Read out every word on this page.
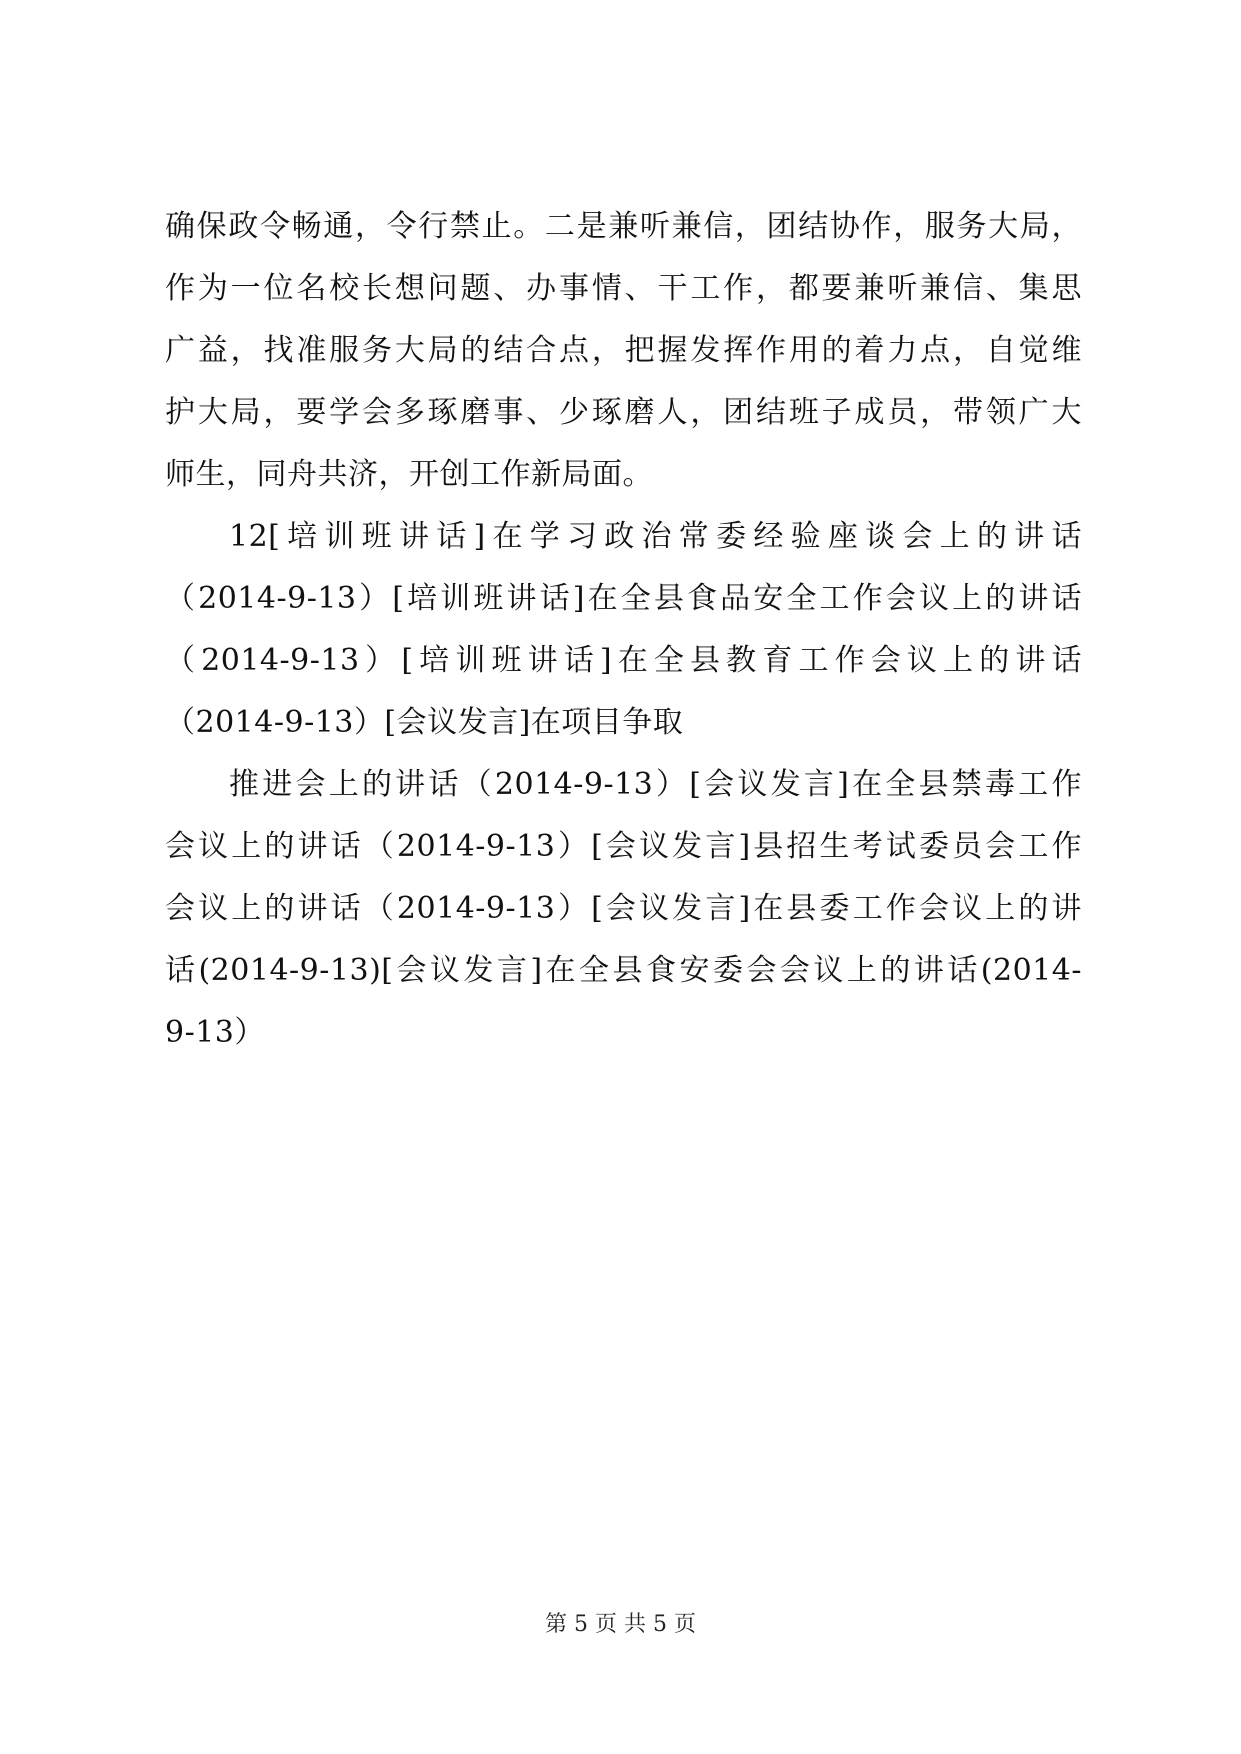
确保政令畅通，令行禁止。二是兼听兼信，团结协作，服务大局，
作为一位名校长想问题、办事情、干工作，都要兼听兼信、集思
广益，找准服务大局的结合点，把握发挥作用的着力点，自觉维
护大局，要学会多琢磨事、少琢磨人，团结班子成员，带领广大
师生，同舟共济，开创工作新局面。
12[培训班讲话]在学习政治常委经验座谈会上的讲话
（2014-9-13）[培训班讲话]在全县食品安全工作会议上的讲话
（2014-9-13）[培训班讲话]在全县教育工作会议上的讲话
（2014-9-13）[会议发言]在项目争取
推进会上的讲话（2014-9-13）[会议发言]在全县禁毒工作
会议上的讲话（2014-9-13）[会议发言]县招生考试委员会工作
会议上的讲话（2014-9-13）[会议发言]在县委工作会议上的讲
话(2014-9-13)[会议发言]在全县食安委会会议上的讲话(2014-
9-13）
第 5 页 共 5 页
